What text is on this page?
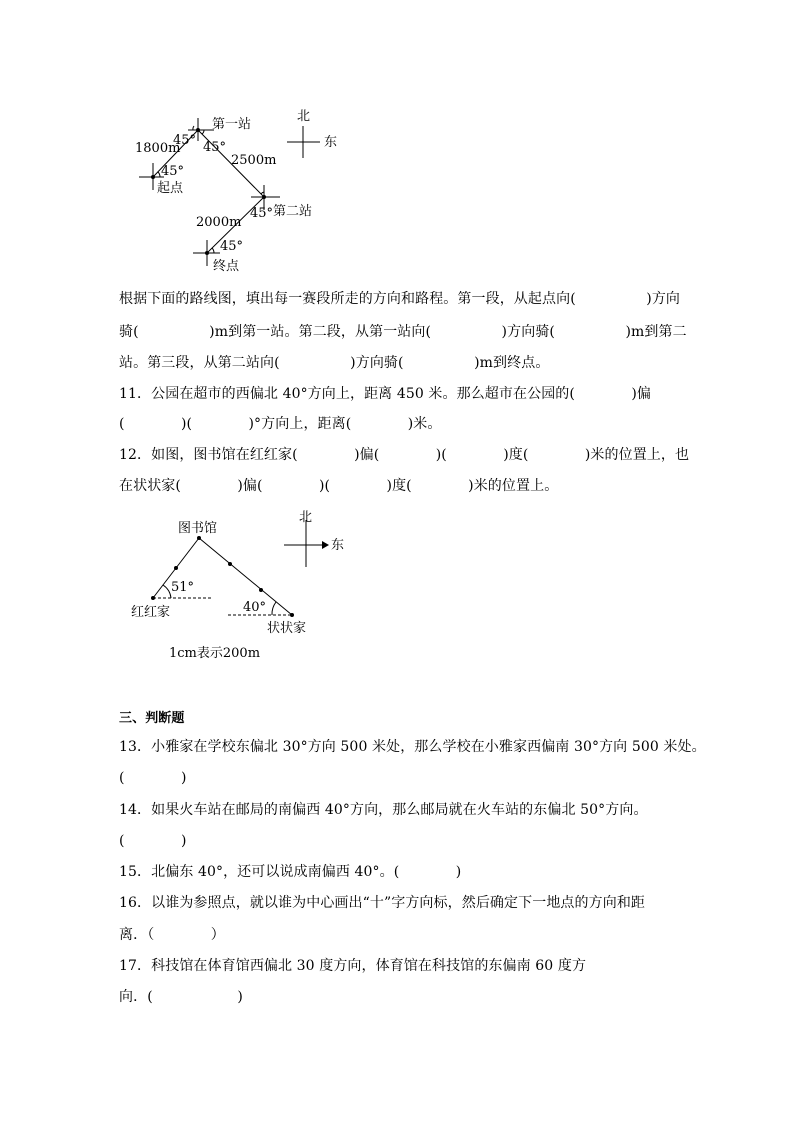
北
东
第一站
起点
第二站
终点
1800m
2500m
2000m
45°
45° 45°
45°
45°
根据下面的路线图，填出每一赛段所走的方向和路程。第一段，从起点向(　　　　　)方向
骑(　　　　　)m到第一站。第二段，从第一站向(　　　　　)方向骑(　　　　　)m到第二
站。第三段，从第二站向(　　　　　)方向骑(　　　　　)m到终点。
11．公园在超市的西偏北 40°方向上，距离 450 米。那么超市在公园的(　　　　)偏
(　　　　)(　　　　)°方向上，距离(　　　　)米。
12．如图，图书馆在红红家(　　　　)偏(　　　　)(　　　　)度(　　　　)米的位置上，也
在状状家(　　　　)偏(　　　　)(　　　　)度(　　　　)米的位置上。
图书馆
红红家
状状家
51°
40°
北
东
1cm表示200m
三、判断题
13．小雅家在学校东偏北 30°方向 500 米处，那么学校在小雅家西偏南 30°方向 500 米处。
(　　　　)
14．如果火车站在邮局的南偏西 40°方向，那么邮局就在火车站的东偏北 50°方向。
(　　　　)
15．北偏东 40°，还可以说成南偏西 40°。(　　　　)
16．以谁为参照点，就以谁为中心画出“十”字方向标，然后确定下一地点的方向和距
离．（　　　　）
17．科技馆在体育馆西偏北 30 度方向，体育馆在科技馆的东偏南 60 度方
向．(　　　　　　)
